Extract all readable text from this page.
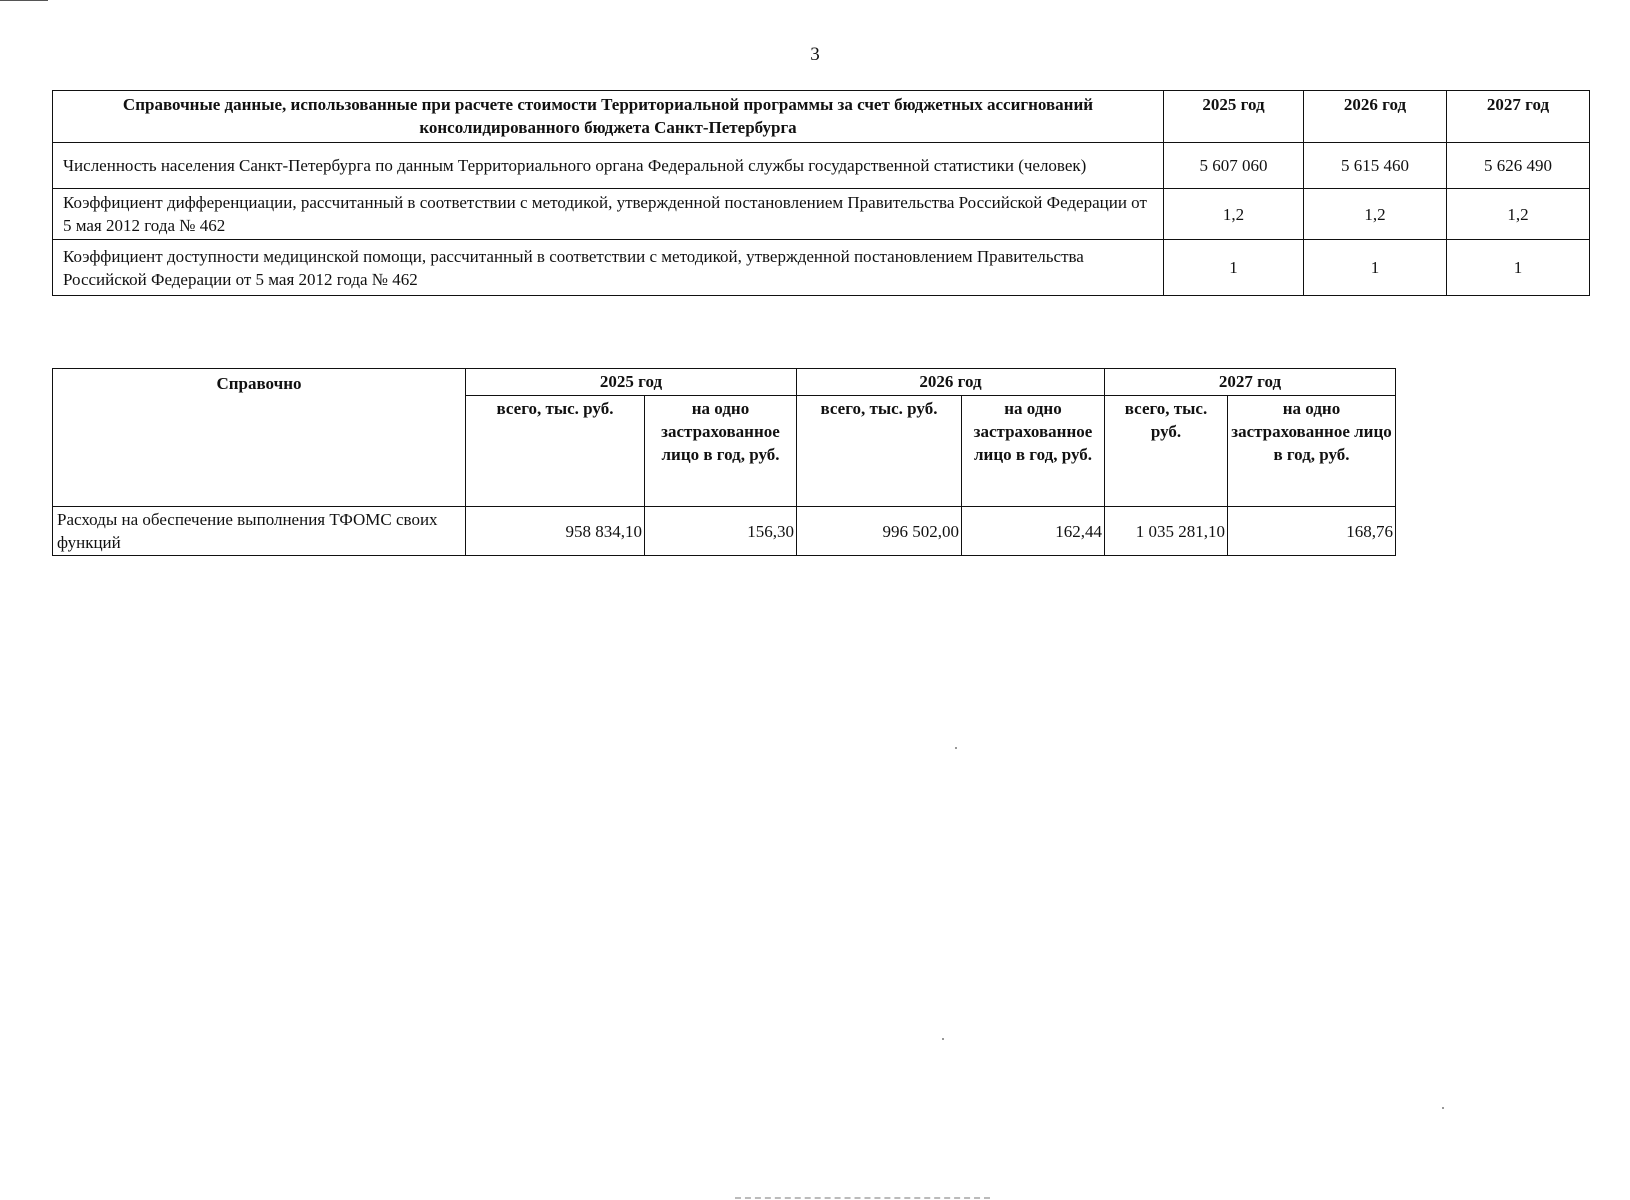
3
Справочные данные, использованные при расчете стоимости Территориальной программы за счет бюджетных ассигнований консолидированного бюджета Санкт-Петербурга	2025 год	2026 год	2027 год
Численность населения Санкт-Петербурга по данным Территориального органа Федеральной службы государственной статистики (человек)	5 607 060	5 615 460	5 626 490
Коэффициент дифференциации, рассчитанный в соответствии с методикой, утвержденной постановлением Правительства Российской Федерации от 5 мая 2012 года № 462	1,2	1,2	1,2
Коэффициент доступности медицинской помощи, рассчитанный в соответствии с методикой, утвержденной постановлением Правительства Российской Федерации от 5 мая 2012 года № 462	1	1	1
Справочно	2025 год		2026 год		2027 год	
	всего, тыс. руб.	на одно застрахованное лицо в год, руб.	всего, тыс. руб.	на одно застрахованное лицо в год, руб.	всего, тыс. руб.	на одно застрахованное лицо в год, руб.
Расходы на обеспечение выполнения ТФОМС своих функций	958 834,10	156,30	996 502,00	162,44	1 035 281,10	168,76
